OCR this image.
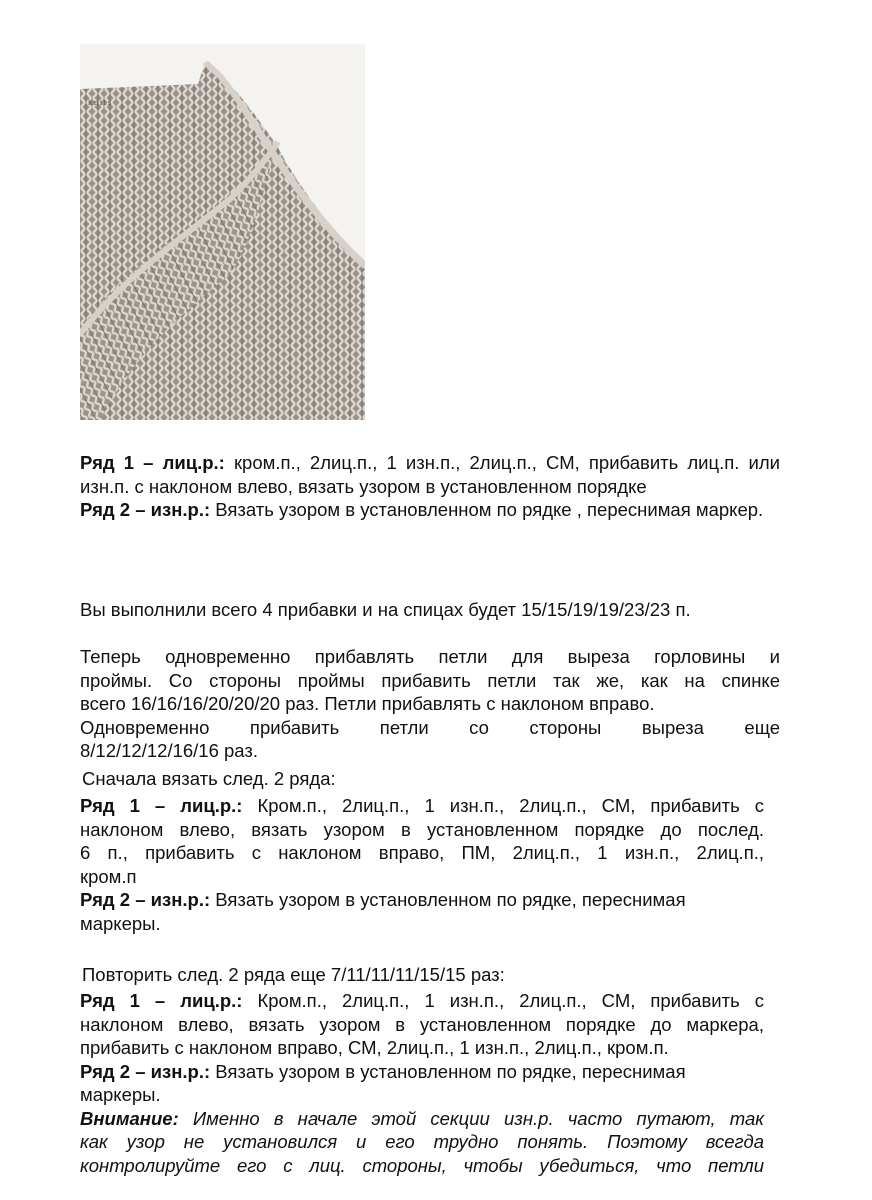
knits
Ряд 1 – лиц.р.: кром.п., 2лиц.п., 1 изн.п., 2лиц.п., СМ, прибавить лиц.п. или изн.п. с наклоном влево, вязать узором в установленном порядке
Ряд 2 – изн.р.: Вязать узором в установленном по рядке , переснимая маркер.
Вы выполнили всего 4 прибавки и на спицах будет 15/15/19/19/23/23 п.
Теперь одновременно прибавлять петли для выреза горловины и
проймы. Со стороны проймы прибавить петли так же, как на спинке
всего 16/16/16/20/20/20 раз. Петли прибавлять с наклоном вправо.
Одновременно прибавить петли со стороны выреза еще
8/12/12/12/16/16 раз.
Сначала вязать след. 2 ряда:
Ряд 1 – лиц.р.: Кром.п., 2лиц.п., 1 изн.п., 2лиц.п., СМ, прибавить с
наклоном влево, вязать узором в установленном порядке до послед.
6 п., прибавить с наклоном вправо, ПМ, 2лиц.п., 1 изн.п., 2лиц.п.,
кром.п
Ряд 2 – изн.р.: Вязать узором в установленном по рядке, переснимая
маркеры.
Повторить след. 2 ряда еще 7/11/11/11/15/15 раз:
Ряд 1 – лиц.р.: Кром.п., 2лиц.п., 1 изн.п., 2лиц.п., СМ, прибавить с
наклоном влево, вязать узором в установленном порядке до маркера,
прибавить с наклоном вправо, СМ, 2лиц.п., 1 изн.п., 2лиц.п., кром.п.
Ряд 2 – изн.р.: Вязать узором в установленном по рядке, переснимая
маркеры.
Внимание: Именно в начале этой секции изн.р. часто путают, так
как узор не установился и его трудно понять. Поэтому всегда
контролируйте его с лиц. стороны, чтобы убедиться, что петли
